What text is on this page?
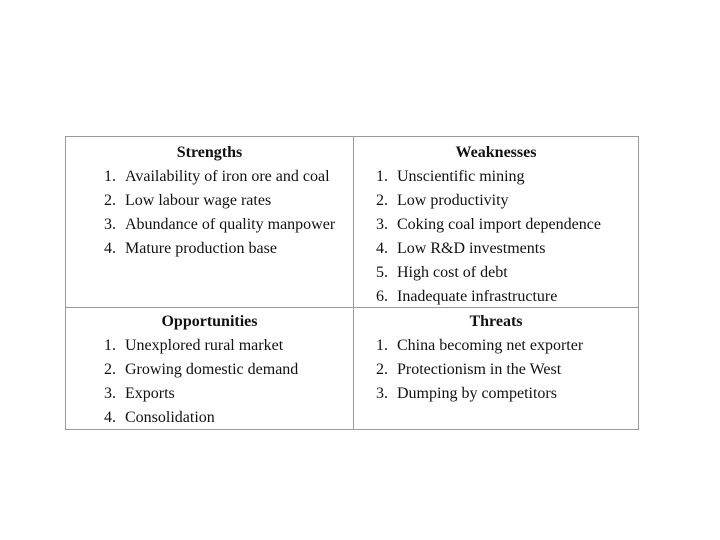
Strengths
1. Availability of iron ore and coal
2. Low labour wage rates
3. Abundance of quality manpower
4. Mature production base
Weaknesses
1. Unscientific mining
2. Low productivity
3. Coking coal import dependence
4. Low R&D investments
5. High cost of debt
6. Inadequate infrastructure
Opportunities
1. Unexplored rural market
2. Growing domestic demand
3. Exports
4. Consolidation
Threats
1. China becoming net exporter
2. Protectionism in the West
3. Dumping by competitors
